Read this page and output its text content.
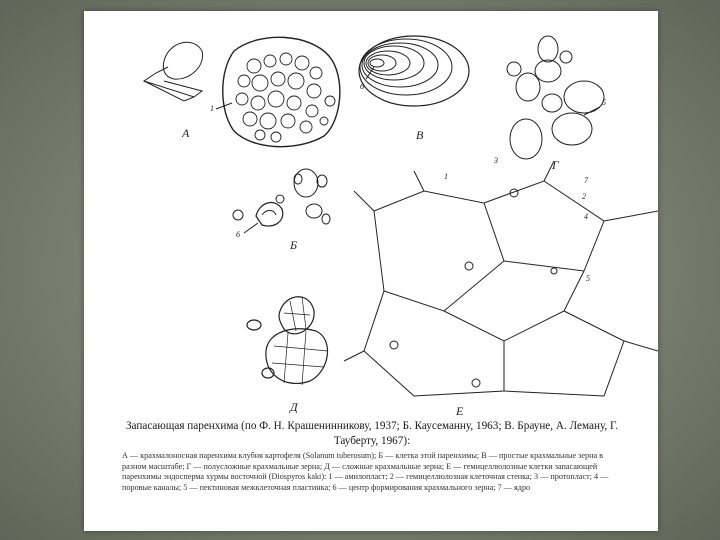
А	В
Г
Б
Д	Е
1
6
5
6
1
2
3
4
5
7
Запасающая паренхима (по Ф. Н. Крашенинникову, 1937; Б. Каусеманну, 1963; В. Браунe, А. Леману, Г. Тауберту, 1967):
А — крахмалоносная паренхима клубня картофеля (Solanum tuberosum); Б — клетка этой паренхимы; В — простые крахмальные зерна в разном масштабе; Г — полусложные крахмальные зерна; Д — сложные крахмальные зерна; Е — гемицеллюлозные клетки запасающей паренхимы эндосперма хурмы восточной (Diospyros kaki): 1 — амилопласт; 2 — гемицеллюлозная клеточная стенка; 3 — протопласт; 4 — поровые каналы; 5 — пектиновая межклеточная пластинка; 6 — центр формирования крахмального зерна; 7 — ядро
